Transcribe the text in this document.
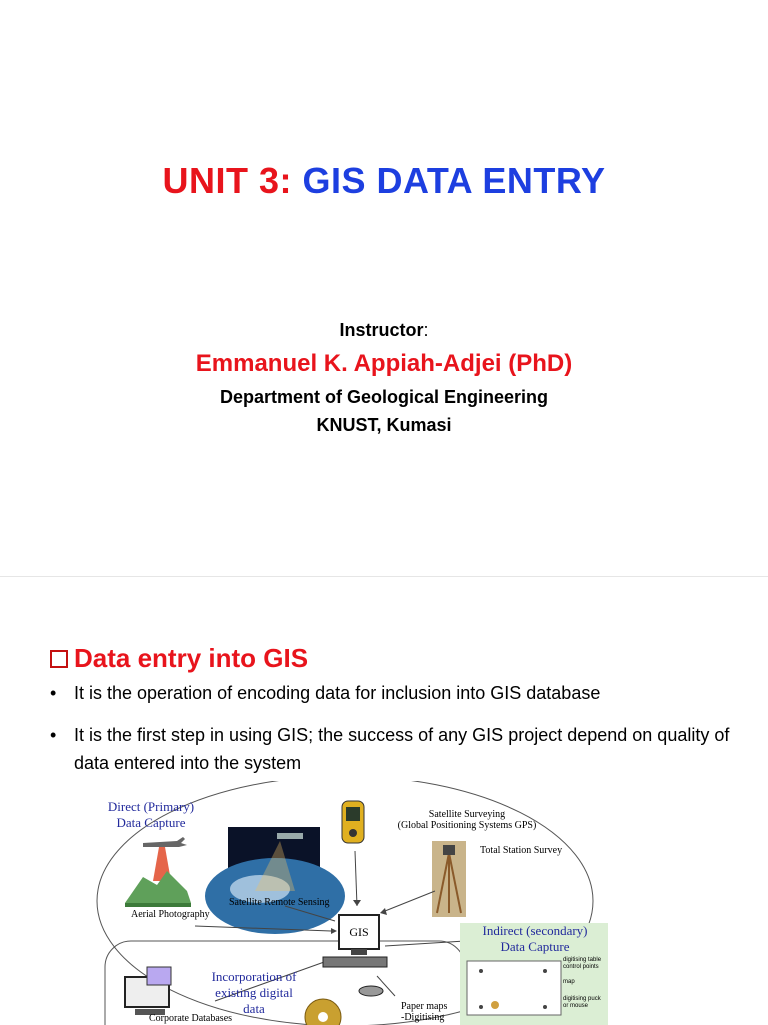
UNIT 3: GIS DATA ENTRY
Instructor:
Emmanuel K. Appiah-Adjei (PhD)
Department of Geological Engineering
KNUST, Kumasi
Data entry into GIS
• It is the operation of encoding data for inclusion into GIS database
• It is the first step in using GIS; the success of any GIS project depend on quality of data entered into the system
Direct (Primary)
Data Capture
Satellite Surveying
(Global Positioning Systems GPS)
Total Station Survey
Aerial Photography
Satellite Remote Sensing
GIS	Indirect (secondary)
Data Capture
Incorporation of
existing digital
data
Corporate Databases
Paper maps
-Digitising
digitising table
control points
map
digitising puck
or mouse
